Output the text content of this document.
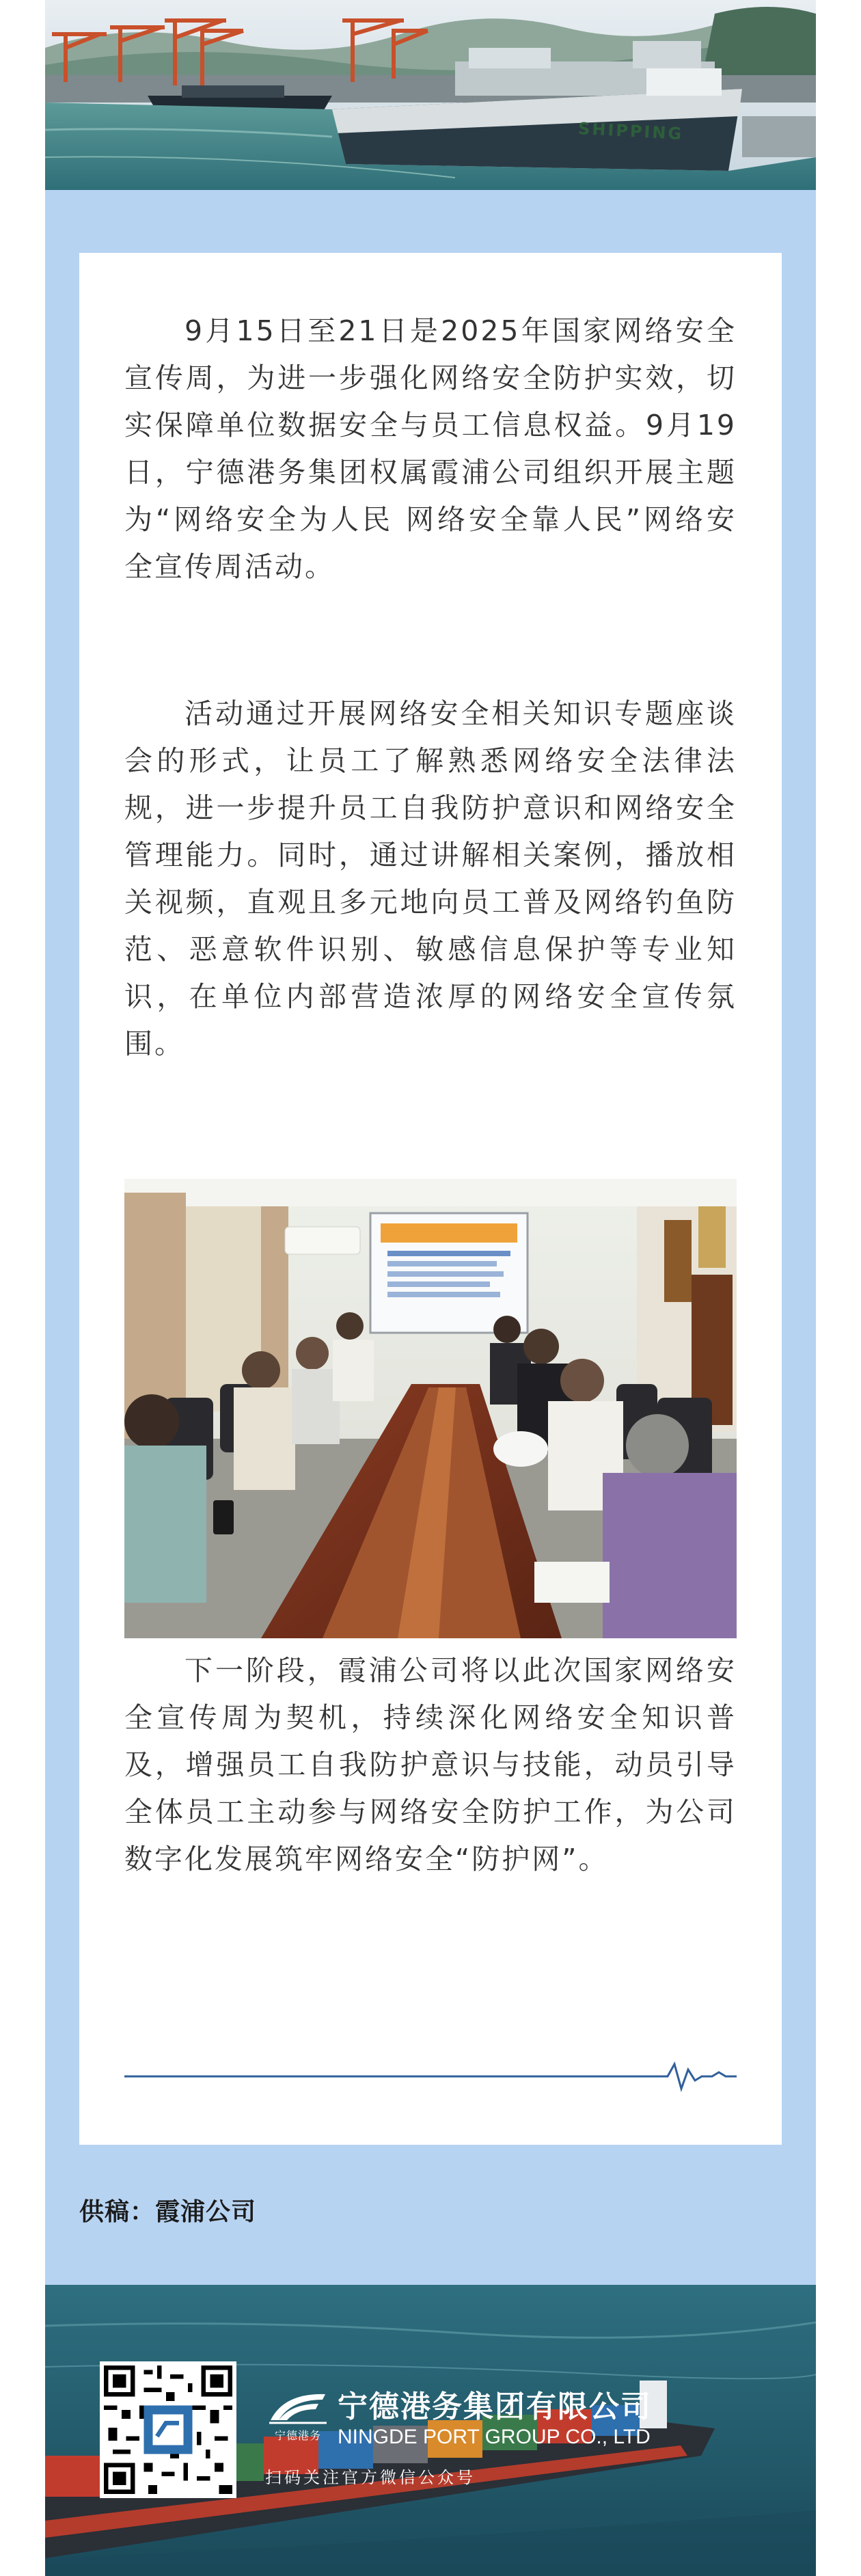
SHIPPING

9月15日至21日是2025年国家网络安全宣传周，为进一步强化网络安全防护实效，切实保障单位数据安全与员工信息权益。9月19日，宁德港务集团权属霞浦公司组织开展主题为“网络安全为人民 网络安全靠人民”网络安全宣传周活动。

活动通过开展网络安全相关知识专题座谈会的形式，让员工了解熟悉网络安全法律法规，进一步提升员工自我防护意识和网络安全管理能力。同时，通过讲解相关案例，播放相关视频，直观且多元地向员工普及网络钓鱼防范、恶意软件识别、敏感信息保护等专业知识，在单位内部营造浓厚的网络安全宣传氛围。

下一阶段，霞浦公司将以此次国家网络安全宣传周为契机，持续深化网络安全知识普及，增强员工自我防护意识与技能，动员引导全体员工主动参与网络安全防护工作，为公司数字化发展筑牢网络安全“防护网”。

供稿：霞浦公司
宁德港务
宁德港务集团有限公司
NINGDE PORT GROUP CO., LTD
扫码关注官方微信公众号
